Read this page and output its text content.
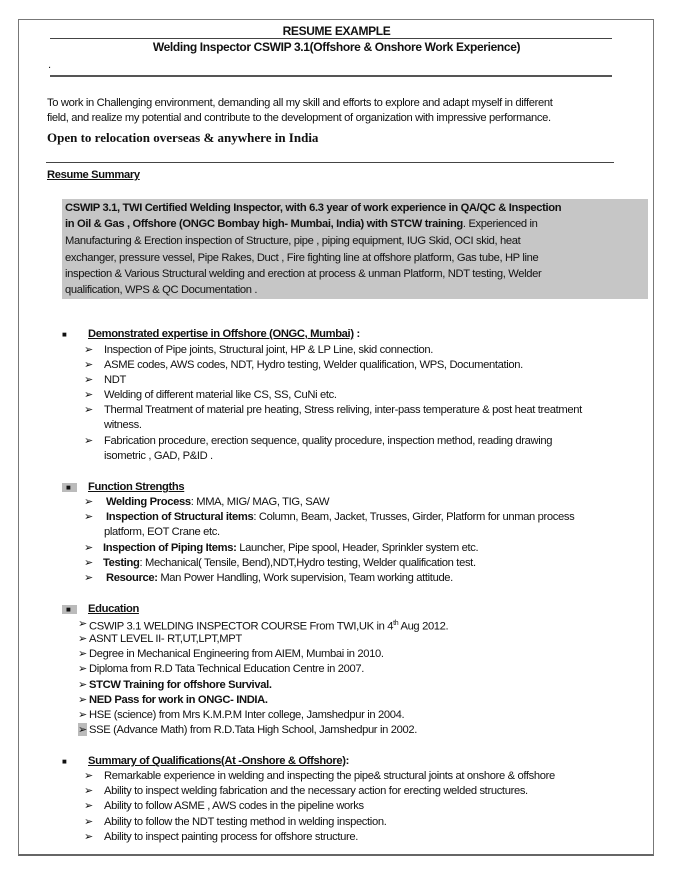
RESUME EXAMPLE
Welding Inspector CSWIP 3.1(Offshore & Onshore Work Experience)
.
To work in Challenging environment, demanding all my skill and efforts to explore and adapt myself in different
field, and realize my potential and contribute to the development of organization with impressive performance.
Open to relocation overseas & anywhere in India
Resume Summary
CSWIP 3.1, TWI Certified Welding Inspector, with 6.3 year of work experience in QA/QC & Inspection
in Oil & Gas , Offshore (ONGC Bombay high- Mumbai, India) with STCW training. Experienced in
Manufacturing & Erection inspection of Structure, pipe , piping equipment, IUG Skid, OCI skid, heat
exchanger, pressure vessel, Pipe Rakes, Duct , Fire fighting line at offshore platform, Gas tube, HP line
inspection & Various Structural welding and erection at process & unman Platform, NDT testing, Welder
qualification, WPS & QC Documentation .
■ Demonstrated expertise in Offshore (ONGC, Mumbai) :
➢ Inspection of Pipe joints, Structural joint, HP & LP Line, skid connection.
➢ ASME codes, AWS codes, NDT, Hydro testing, Welder qualification, WPS, Documentation.
➢ NDT
➢ Welding of different material like CS, SS, CuNi etc.
➢ Thermal Treatment of material pre heating, Stress reliving, inter-pass temperature & post heat treatment
witness.
➢ Fabrication procedure, erection sequence, quality procedure, inspection method, reading drawing
isometric , GAD, P&ID .
■	Function Strengths
➢ Welding Process: MMA, MIG/ MAG, TIG, SAW
➢ Inspection of Structural items: Column, Beam, Jacket, Trusses, Girder, Platform for unman process
platform, EOT Crane etc.
➢ Inspection of Piping Items: Launcher, Pipe spool, Header, Sprinkler system etc.
➢ Testing: Mechanical( Tensile, Bend),NDT,Hydro testing, Welder qualification test.
➢ Resource: Man Power Handling, Work supervision, Team working attitude.
■	Education
➢ CSWIP 3.1 WELDING INSPECTOR COURSE From TWI,UK in 4th Aug 2012.
➢ ASNT LEVEL II- RT,UT,LPT,MPT
➢ Degree in Mechanical Engineering from AIEM, Mumbai in 2010.
➢ Diploma from R.D Tata Technical Education Centre in 2007.
➢ STCW Training for offshore Survival.
➢ NED Pass for work in ONGC- INDIA.
➢ HSE (science) from Mrs K.M.P.M Inter college, Jamshedpur in 2004.
➢ SSE (Advance Math) from R.D.Tata High School, Jamshedpur in 2002.
■ Summary of Qualifications(At -Onshore & Offshore):
➢ Remarkable experience in welding and inspecting the pipe& structural joints at onshore & offshore
➢ Ability to inspect welding fabrication and the necessary action for erecting welded structures.
➢ Ability to follow ASME , AWS codes in the pipeline works
➢ Ability to follow the NDT testing method in welding inspection.
➢ Ability to inspect painting process for offshore structure.
